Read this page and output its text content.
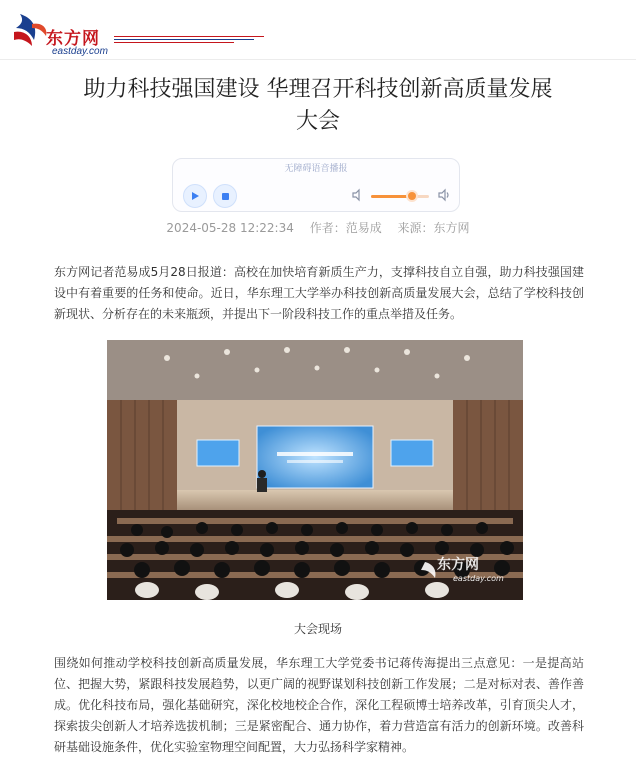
东方网
eastday.com
助力科技强国建设 华理召开科技创新高质量发展
大会
无障碍语音播报
2024-05-28 12:22:34 作者：范易成 来源：东方网

东方网记者范易成5月28日报道：高校在加快培育新质生产力，支撑科技自立自强，助力科技强国建设中有着重要的任务和使命。近日，华东理工大学举办科技创新高质量发展大会，总结了学校科技创新现状、分析存在的未来瓶颈，并提出下一阶段科技工作的重点举措及任务。

东方网
eastday.com
大会现场

围绕如何推动学校科技创新高质量发展，华东理工大学党委书记蒋传海提出三点意见：一是提高站位、把握大势，紧跟科技发展趋势，以更广阔的视野谋划科技创新工作发展；二是对标对表、善作善成。优化科技布局，强化基础研究，深化校地校企合作，深化工程硕博士培养改革，引育顶尖人才，探索拔尖创新人才培养选拔机制；三是紧密配合、通力协作，着力营造富有活力的创新环境。改善科研基础设施条件，优化实验室物理空间配置，大力弘扬科学家精神。
